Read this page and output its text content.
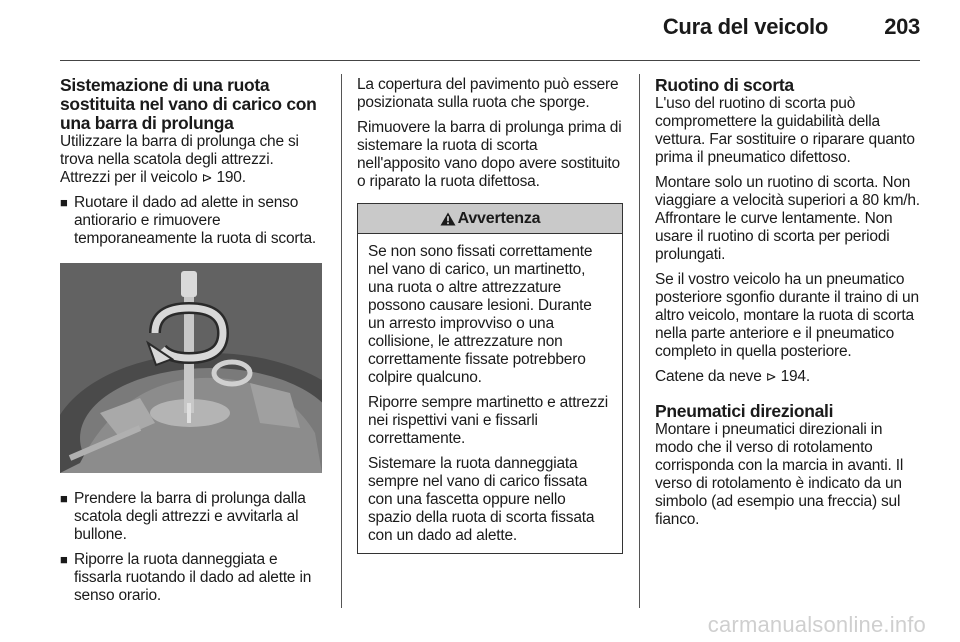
Cura del veicolo	203
Sistemazione di una ruota sostituita nel vano di carico con una barra di prolunga
Utilizzare la barra di prolunga che si trova nella scatola degli attrezzi. Attrezzi per il veicolo ⊳ 190.
■ Ruotare il dado ad alette in senso antiorario e rimuovere temporaneamente la ruota di scorta.
■ Prendere la barra di prolunga dalla scatola degli attrezzi e avvitarla al bullone.
■ Riporre la ruota danneggiata e fissarla ruotando il dado ad alette in senso orario.
La copertura del pavimento può essere posizionata sulla ruota che sporge.
Rimuovere la barra di prolunga prima di sistemare la ruota di scorta nell'apposito vano dopo avere sostituito o riparato la ruota difettosa.
Avvertenza
Se non sono fissati correttamente nel vano di carico, un martinetto, una ruota o altre attrezzature possono causare lesioni. Durante un arresto improvviso o una collisione, le attrezzature non correttamente fissate potrebbero colpire qualcuno.
Riporre sempre martinetto e attrezzi nei rispettivi vani e fissarli correttamente.
Sistemare la ruota danneggiata sempre nel vano di carico fissata con una fascetta oppure nello spazio della ruota di scorta fissata con un dado ad alette.
Ruotino di scorta
L'uso del ruotino di scorta può compromettere la guidabilità della vettura. Far sostituire o riparare quanto prima il pneumatico difettoso.
Montare solo un ruotino di scorta. Non viaggiare a velocità superiori a 80 km/h. Affrontare le curve lentamente. Non usare il ruotino di scorta per periodi prolungati.
Se il vostro veicolo ha un pneumatico posteriore sgonfio durante il traino di un altro veicolo, montare la ruota di scorta nella parte anteriore e il pneumatico completo in quella posteriore.
Catene da neve ⊳ 194.
Pneumatici direzionali
Montare i pneumatici direzionali in modo che il verso di rotolamento corrisponda con la marcia in avanti. Il verso di rotolamento è indicato da un simbolo (ad esempio una freccia) sul fianco.
carmanualsonline.info
